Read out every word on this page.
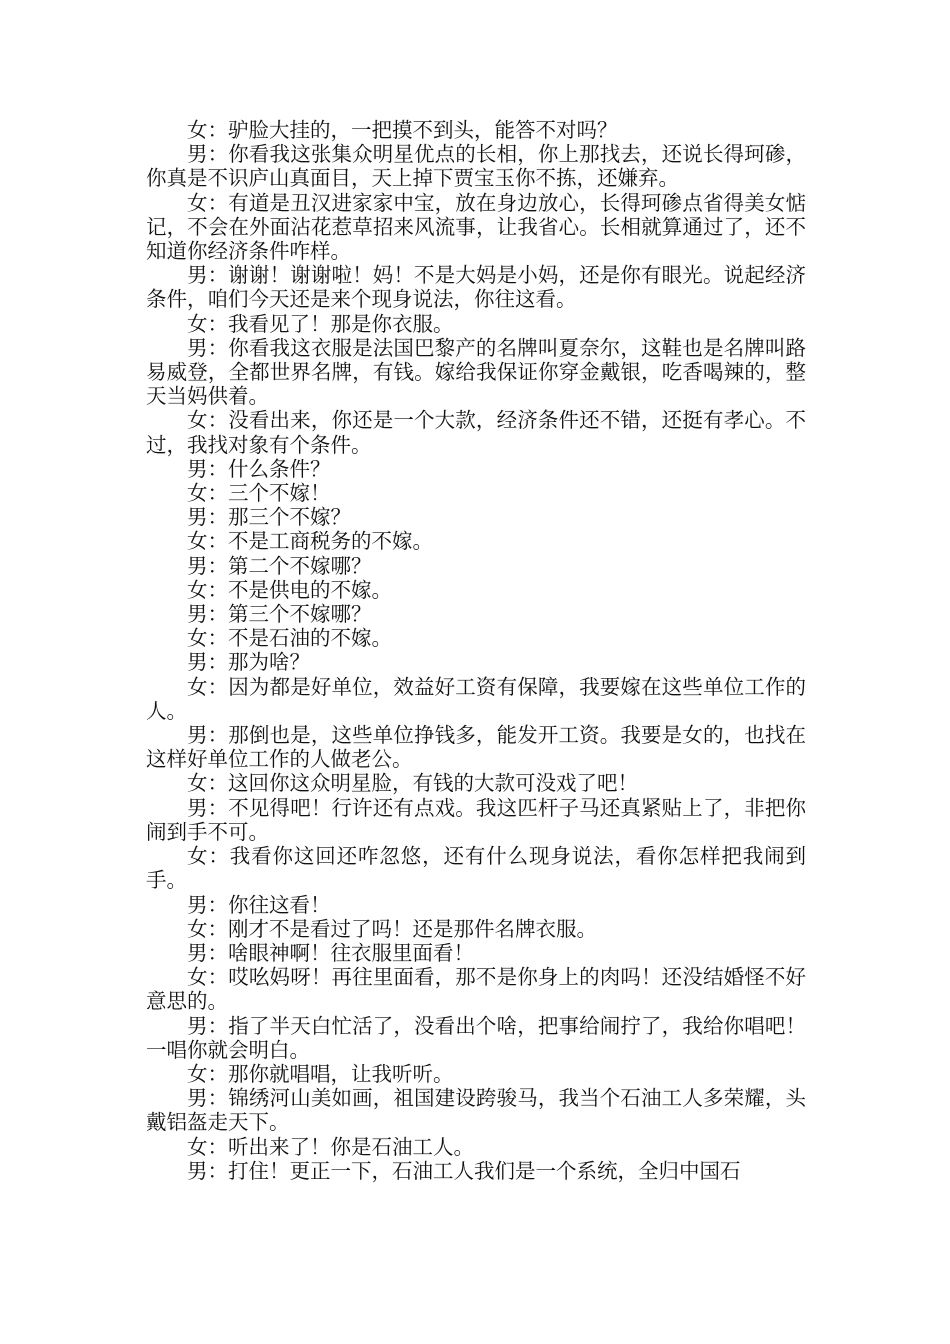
女：驴脸大挂的，一把摸不到头，能答不对吗？

男：你看我这张集众明星优点的长相，你上那找去，还说长得珂碜，你真是不识庐山真面目，天上掉下贾宝玉你不拣，还嫌弃。

女：有道是丑汉进家家中宝，放在身边放心，长得珂碜点省得美女惦记，不会在外面沾花惹草招来风流事，让我省心。长相就算通过了，还不知道你经济条件咋样。

男：谢谢！谢谢啦！妈！不是大妈是小妈，还是你有眼光。说起经济条件，咱们今天还是来个现身说法，你往这看。

女：我看见了！那是你衣服。

男：你看我这衣服是法国巴黎产的名牌叫夏奈尔，这鞋也是名牌叫路易威登，全都世界名牌，有钱。嫁给我保证你穿金戴银，吃香喝辣的，整天当妈供着。

女：没看出来，你还是一个大款，经济条件还不错，还挺有孝心。不过，我找对象有个条件。

男：什么条件？

女：三个不嫁！

男：那三个不嫁？

女：不是工商税务的不嫁。

男：第二个不嫁哪？

女：不是供电的不嫁。

男：第三个不嫁哪？

女：不是石油的不嫁。

男：那为啥？

女：因为都是好单位，效益好工资有保障，我要嫁在这些单位工作的人。

男：那倒也是，这些单位挣钱多，能发开工资。我要是女的，也找在这样好单位工作的人做老公。

女：这回你这众明星脸，有钱的大款可没戏了吧！

男：不见得吧！行许还有点戏。我这匹杆子马还真紧贴上了，非把你闹到手不可。

女：我看你这回还咋忽悠，还有什么现身说法，看你怎样把我闹到手。

男：你往这看！

女：刚才不是看过了吗！还是那件名牌衣服。

男：啥眼神啊！往衣服里面看！

女：哎吆妈呀！再往里面看，那不是你身上的肉吗！还没结婚怪不好意思的。

男：指了半天白忙活了，没看出个啥，把事给闹拧了，我给你唱吧！一唱你就会明白。

女：那你就唱唱，让我听听。

男：锦绣河山美如画，祖国建设跨骏马，我当个石油工人多荣耀，头戴铝盔走天下。

女：听出来了！你是石油工人。

男：打住！更正一下，石油工人我们是一个系统，全归中国石
